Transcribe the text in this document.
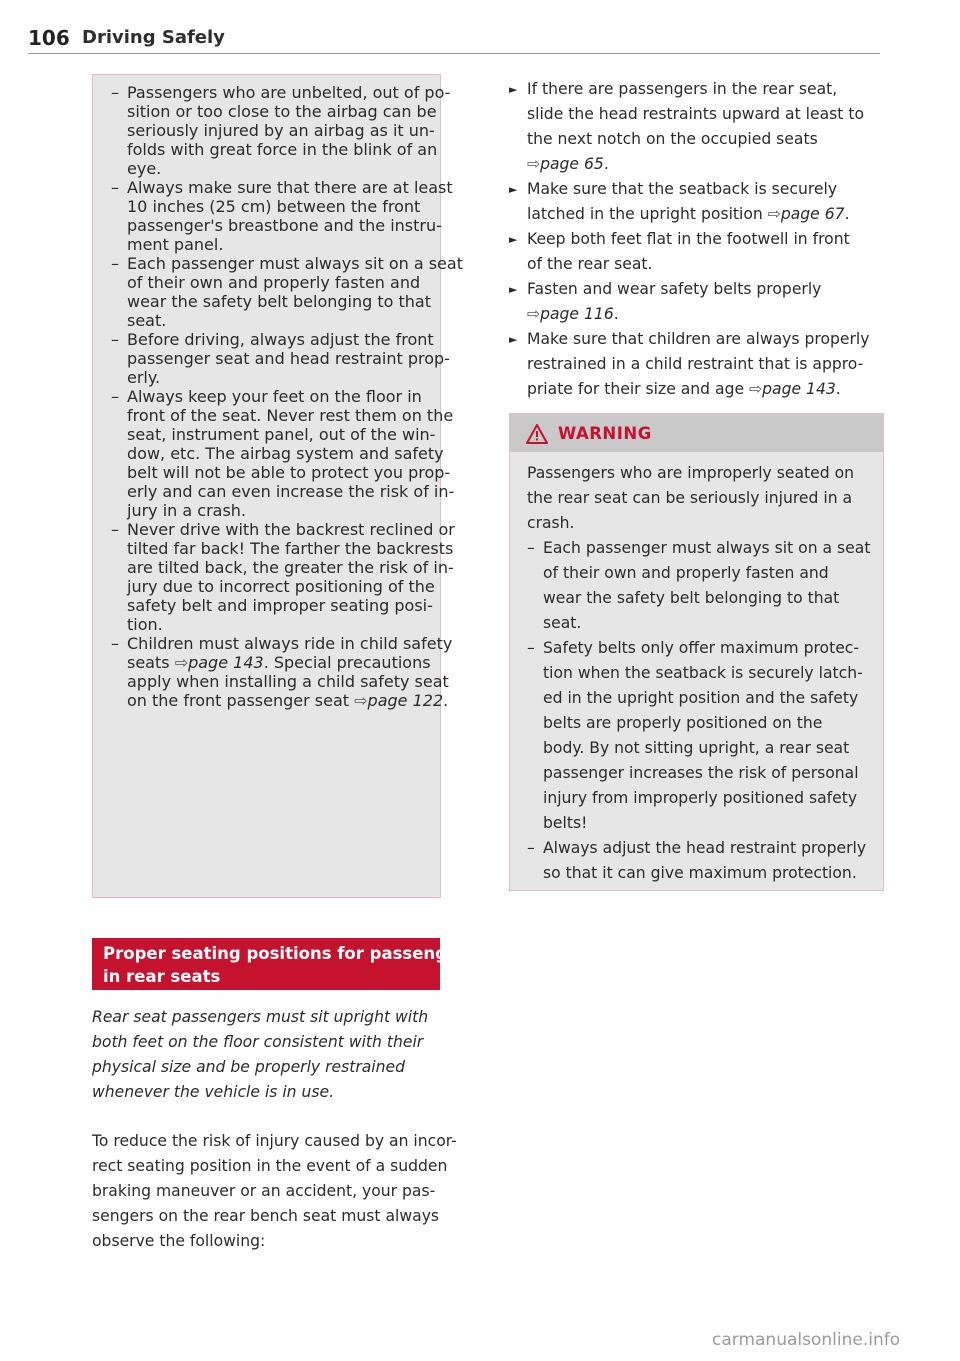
106 Driving Safely
– Passengers who are unbelted, out of po-
sition or too close to the airbag can be
seriously injured by an airbag as it un-
folds with great force in the blink of an
eye.
– Always make sure that there are at least
10 inches (25 cm) between the front
passenger's breastbone and the instru-
ment panel.
– Each passenger must always sit on a seat
of their own and properly fasten and
wear the safety belt belonging to that
seat.
– Before driving, always adjust the front
passenger seat and head restraint prop-
erly.
– Always keep your feet on the floor in
front of the seat. Never rest them on the
seat, instrument panel, out of the win-
dow, etc. The airbag system and safety
belt will not be able to protect you prop-
erly and can even increase the risk of in-
jury in a crash.
– Never drive with the backrest reclined or
tilted far back! The farther the backrests
are tilted back, the greater the risk of in-
jury due to incorrect positioning of the
safety belt and improper seating posi-
tion.
– Children must always ride in child safety
seats ⇨page 143. Special precautions
apply when installing a child safety seat
on the front passenger seat ⇨page 122.
Proper seating positions for passengers
in rear seats
Rear seat passengers must sit upright with
both feet on the floor consistent with their
physical size and be properly restrained
whenever the vehicle is in use.
To reduce the risk of injury caused by an incor-
rect seating position in the event of a sudden
braking maneuver or an accident, your pas-
sengers on the rear bench seat must always
observe the following:
► If there are passengers in the rear seat,
slide the head restraints upward at least to
the next notch on the occupied seats
⇨page 65.
► Make sure that the seatback is securely
latched in the upright position ⇨page 67.
► Keep both feet flat in the footwell in front
of the rear seat.
► Fasten and wear safety belts properly
⇨page 116.
► Make sure that children are always properly
restrained in a child restraint that is appro-
priate for their size and age ⇨page 143.
WARNING
Passengers who are improperly seated on
the rear seat can be seriously injured in a
crash.
– Each passenger must always sit on a seat
of their own and properly fasten and
wear the safety belt belonging to that
seat.
– Safety belts only offer maximum protec-
tion when the seatback is securely latch-
ed in the upright position and the safety
belts are properly positioned on the
body. By not sitting upright, a rear seat
passenger increases the risk of personal
injury from improperly positioned safety
belts!
– Always adjust the head restraint properly
so that it can give maximum protection.
carmanualsonline.info
